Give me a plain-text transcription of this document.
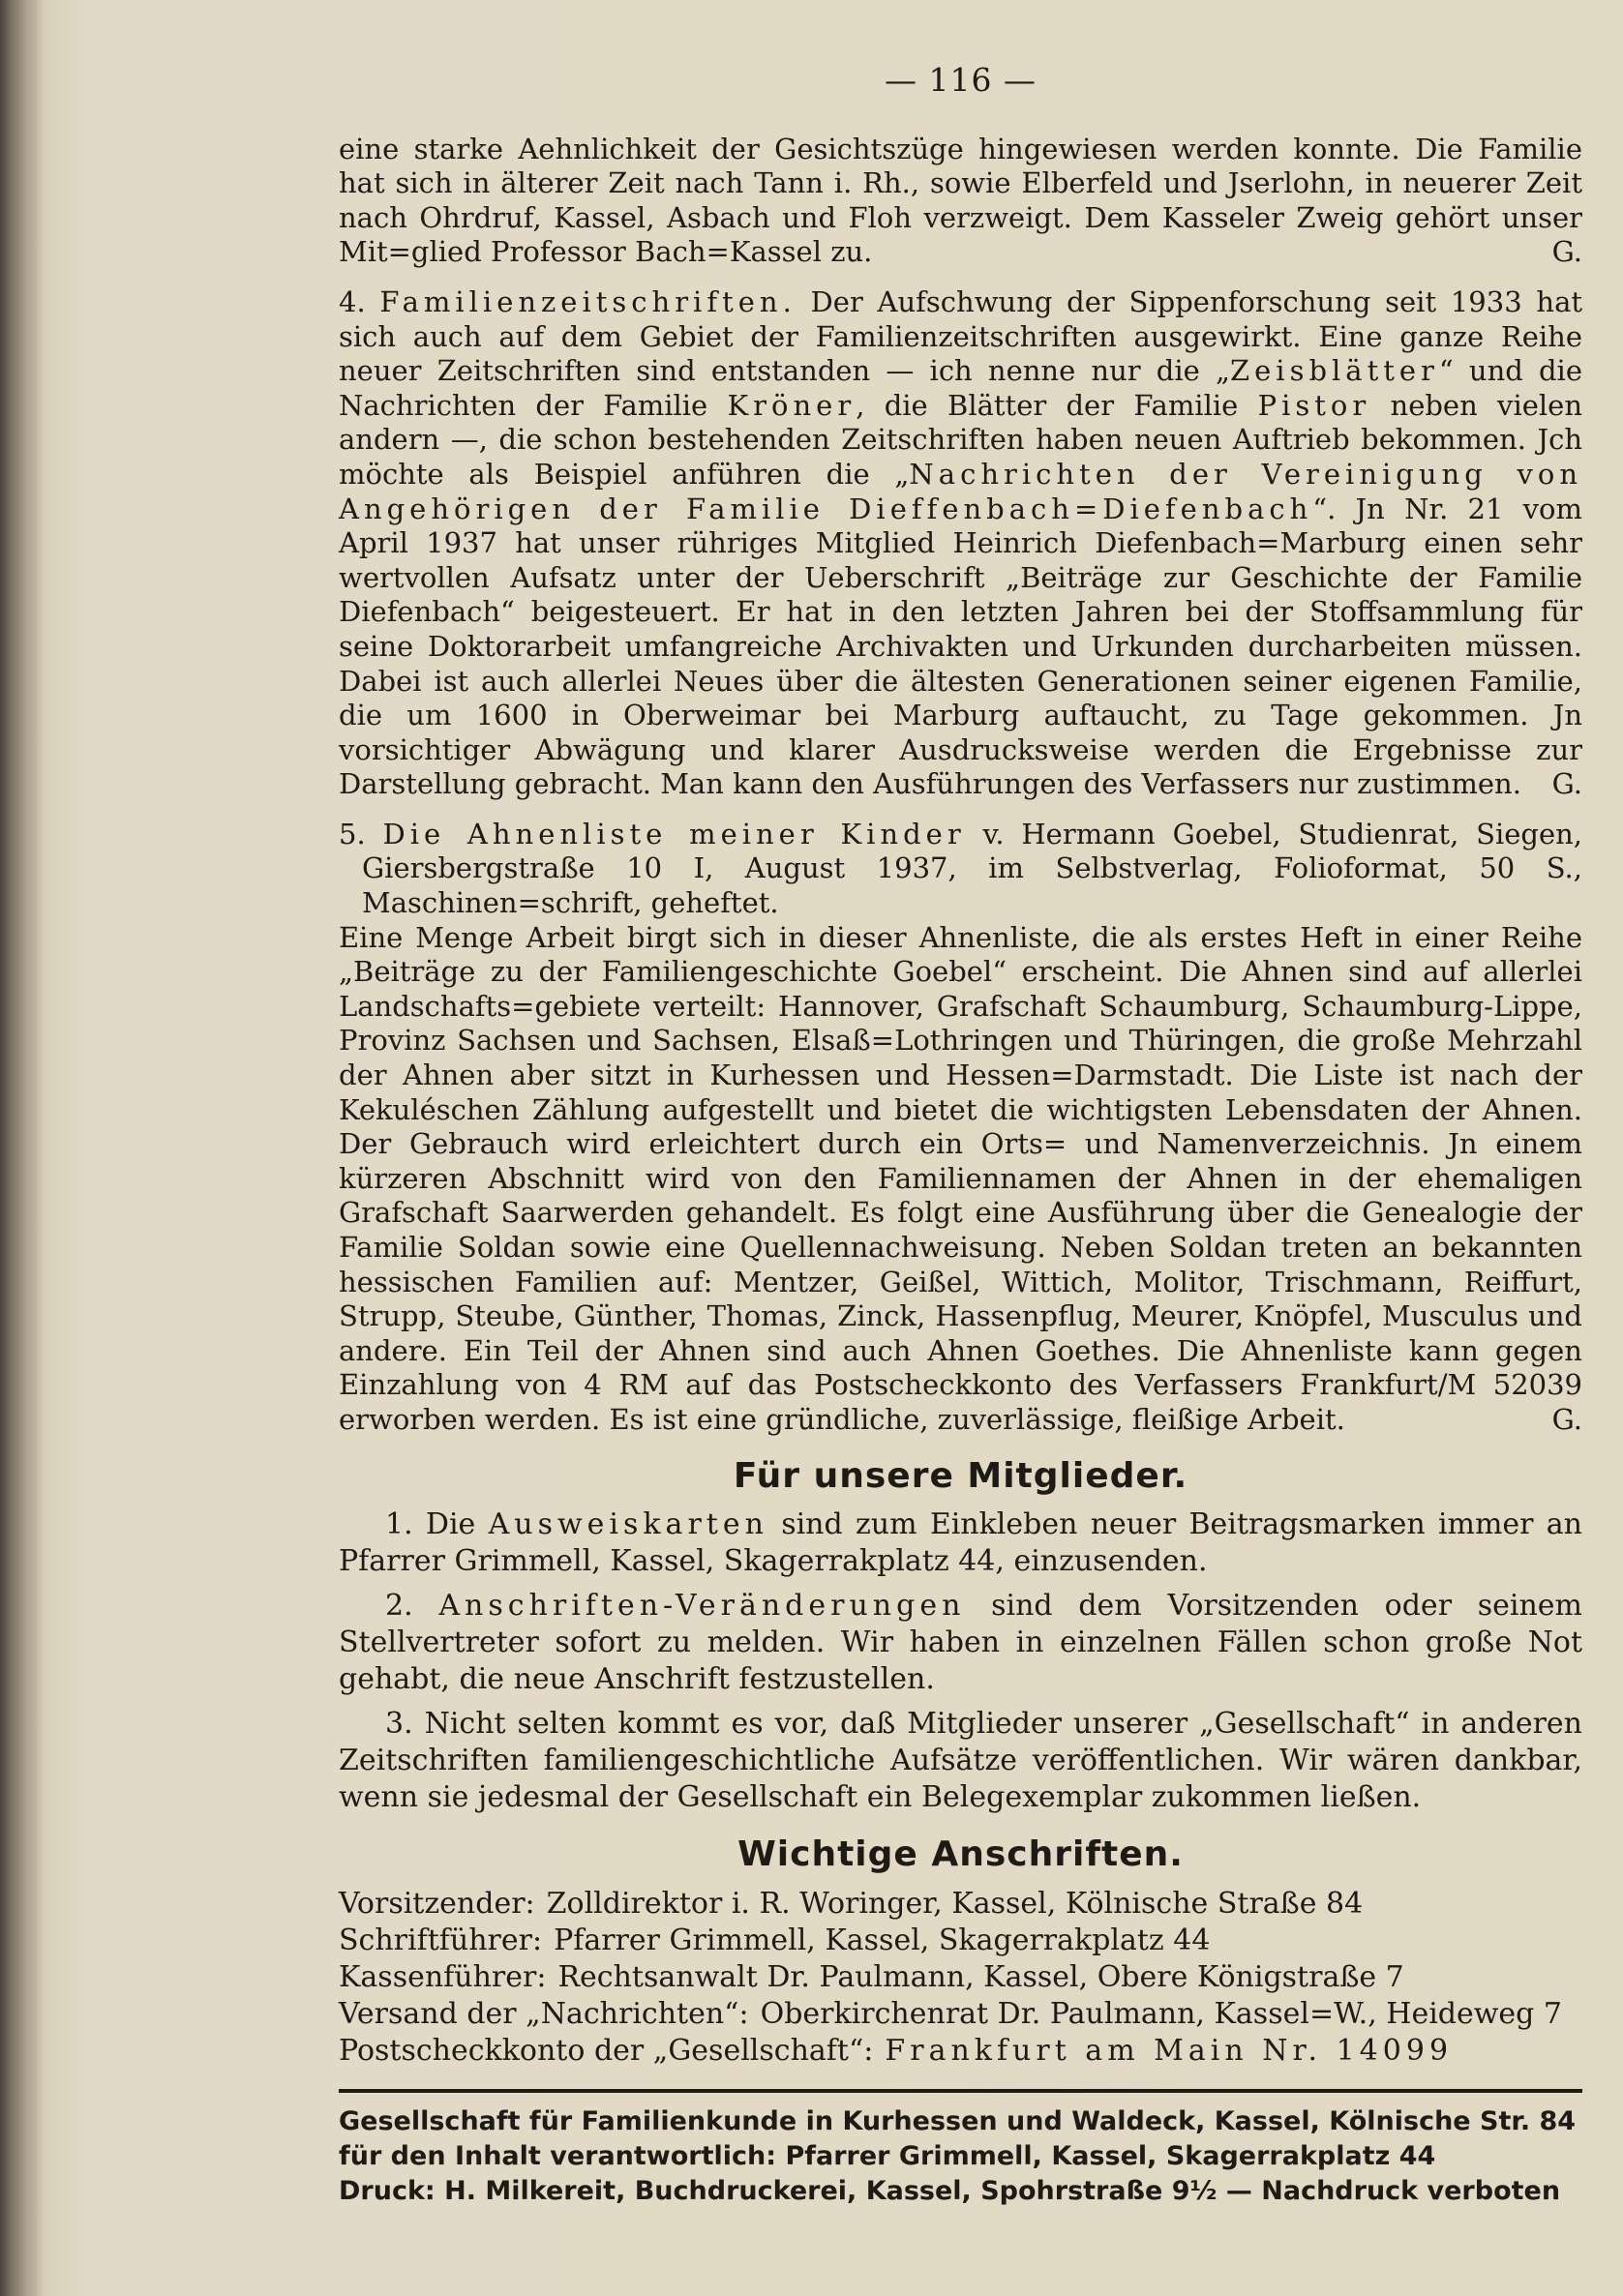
— 116 —

eine starke Aehnlichkeit der Gesichtszüge hingewiesen werden konnte. Die Familie hat sich in älterer Zeit nach Tann i. Rh., sowie Elberfeld und Jserlohn, in neuerer Zeit nach Ohrdruf, Kassel, Asbach und Floh verzweigt. Dem Kasseler Zweig gehört unser Mit=glied Professor Bach=Kassel zu.	G.

4. Familienzeitschriften. Der Aufschwung der Sippenforschung seit 1933 hat sich auch auf dem Gebiet der Familienzeitschriften ausgewirkt. Eine ganze Reihe neuer Zeitschriften sind entstanden — ich nenne nur die „Zeisblätter“ und die Nachrichten der Familie Kröner, die Blätter der Familie Pistor neben vielen andern —, die schon bestehenden Zeitschriften haben neuen Auftrieb bekommen. Jch möchte als Beispiel anführen die „Nachrichten der Vereinigung von Angehörigen der Familie Dieffenbach=Diefenbach“. Jn Nr. 21 vom April 1937 hat unser rühriges Mitglied Heinrich Diefenbach=Marburg einen sehr wertvollen Aufsatz unter der Ueberschrift „Beiträge zur Geschichte der Familie Diefenbach“ beigesteuert. Er hat in den letzten Jahren bei der Stoffsammlung für seine Doktorarbeit umfangreiche Archivakten und Urkunden durcharbeiten müssen. Dabei ist auch allerlei Neues über die ältesten Generationen seiner eigenen Familie, die um 1600 in Oberweimar bei Marburg auftaucht, zu Tage gekommen. Jn vorsichtiger Abwägung und klarer Ausdrucksweise werden die Ergebnisse zur Darstellung gebracht. Man kann den Ausführungen des Verfassers nur zustimmen. G.

5. Die Ahnenliste meiner Kinder v. Hermann Goebel, Studienrat, Siegen, Giersbergstraße 10 I, August 1937, im Selbstverlag, Folioformat, 50 S., Maschinen=schrift, geheftet.

Eine Menge Arbeit birgt sich in dieser Ahnenliste, die als erstes Heft in einer Reihe „Beiträge zu der Familiengeschichte Goebel“ erscheint. Die Ahnen sind auf allerlei Landschafts=gebiete verteilt: Hannover, Grafschaft Schaumburg, Schaumburg-Lippe, Provinz Sachsen und Sachsen, Elsaß=Lothringen und Thüringen, die große Mehrzahl der Ahnen aber sitzt in Kurhessen und Hessen=Darmstadt. Die Liste ist nach der Kekuléschen Zählung aufgestellt und bietet die wichtigsten Lebensdaten der Ahnen. Der Gebrauch wird erleichtert durch ein Orts= und Namenverzeichnis. Jn einem kürzeren Abschnitt wird von den Familiennamen der Ahnen in der ehemaligen Grafschaft Saarwerden gehandelt. Es folgt eine Ausführung über die Genealogie der Familie Soldan sowie eine Quellennachweisung. Neben Soldan treten an bekannten hessischen Familien auf: Mentzer, Geißel, Wittich, Molitor, Trischmann, Reiffurt, Strupp, Steube, Günther, Thomas, Zinck, Hassenpflug, Meurer, Knöpfel, Musculus und andere. Ein Teil der Ahnen sind auch Ahnen Goethes. Die Ahnenliste kann gegen Einzahlung von 4 RM auf das Postscheckkonto des Verfassers Frankfurt/M 52039 erworben werden. Es ist eine gründliche, zuverlässige, fleißige Arbeit.	G.

Für unsere Mitglieder.

1. Die Ausweiskarten sind zum Einkleben neuer Beitragsmarken immer an Pfarrer Grimmell, Kassel, Skagerrakplatz 44, einzusenden.

2. Anschriften-Veränderungen sind dem Vorsitzenden oder seinem Stellvertreter sofort zu melden. Wir haben in einzelnen Fällen schon große Not gehabt, die neue Anschrift festzustellen.

3. Nicht selten kommt es vor, daß Mitglieder unserer „Gesellschaft“ in anderen Zeitschriften familiengeschichtliche Aufsätze veröffentlichen. Wir wären dankbar, wenn sie jedesmal der Gesellschaft ein Belegexemplar zukommen ließen.

Wichtige Anschriften.
Vorsitzender: Zolldirektor i. R. Woringer, Kassel, Kölnische Straße 84
Schriftführer: Pfarrer Grimmell, Kassel, Skagerrakplatz 44
Kassenführer: Rechtsanwalt Dr. Paulmann, Kassel, Obere Königstraße 7
Versand der „Nachrichten“: Oberkirchenrat Dr. Paulmann, Kassel=W., Heideweg 7
Postscheckkonto der „Gesellschaft“: Frankfurt am Main Nr. 14099
Gesellschaft für Familienkunde in Kurhessen und Waldeck, Kassel, Kölnische Str. 84
für den Inhalt verantwortlich: Pfarrer Grimmell, Kassel, Skagerrakplatz 44
Druck: H. Milkereit, Buchdruckerei, Kassel, Spohrstraße 9½ — Nachdruck verboten
